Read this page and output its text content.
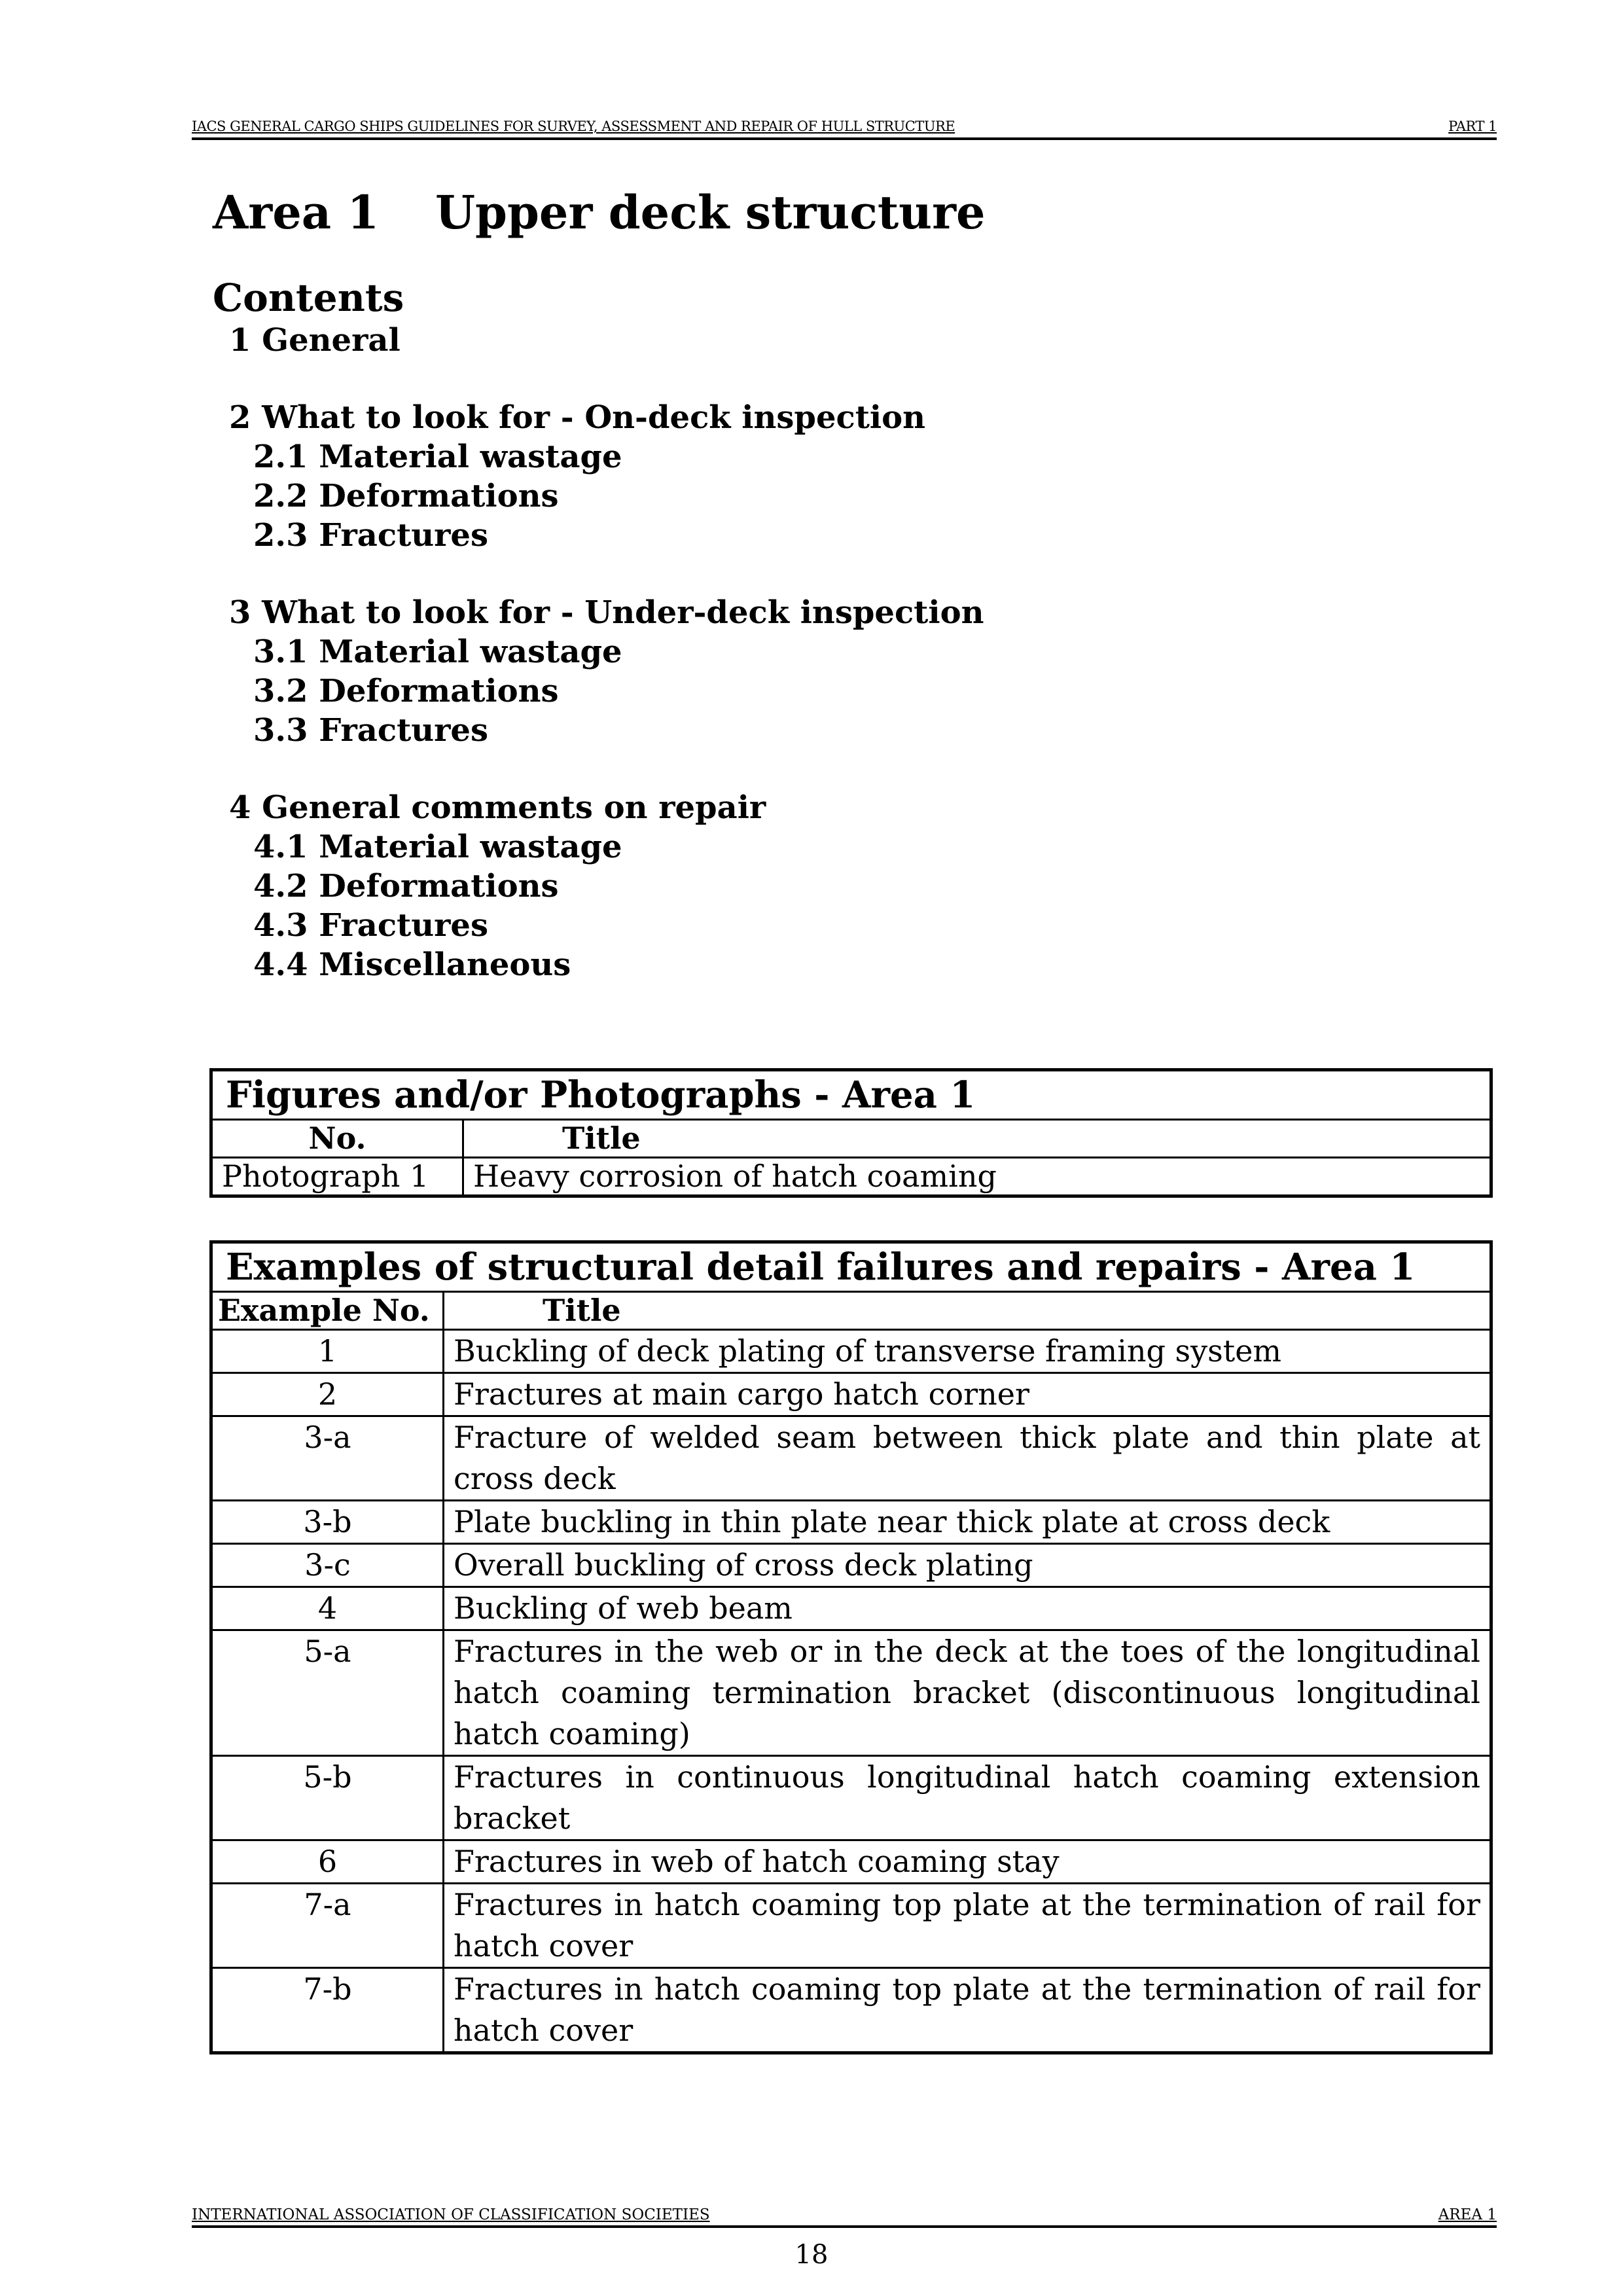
IACS GENERAL CARGO SHIPS GUIDELINES FOR SURVEY, ASSESSMENT AND REPAIR OF HULL STRUCTURE	PART 1
Area 1 Upper deck structure
Contents
1 General
2 What to look for - On-deck inspection
2.1 Material wastage
2.2 Deformations
2.3 Fractures
3 What to look for - Under-deck inspection
3.1 Material wastage
3.2 Deformations
3.3 Fractures
4 General comments on repair
4.1 Material wastage
4.2 Deformations
4.3 Fractures
4.4 Miscellaneous
Figures and/or Photographs - Area 1	
No.	Title
Photograph 1	Heavy corrosion of hatch coaming
Examples of structural detail failures and repairs - Area 1	
Example No.	Title
1	Buckling of deck plating of transverse framing system
2	Fractures at main cargo hatch corner
3-a	Fracture of welded seam between thick plate and thin plate at cross deck
3-b	Plate buckling in thin plate near thick plate at cross deck
3-c	Overall buckling of cross deck plating
4	Buckling of web beam
5-a	Fractures in the web or in the deck at the toes of the longitudinal hatch coaming termination bracket (discontinuous longitudinal hatch coaming)
5-b	Fractures in continuous longitudinal hatch coaming extension bracket
6	Fractures in web of hatch coaming stay
7-a	Fractures in hatch coaming top plate at the termination of rail for hatch cover
7-b	Fractures in hatch coaming top plate at the termination of rail for hatch cover
INTERNATIONAL ASSOCIATION OF CLASSIFICATION SOCIETIES	AREA 1
18
